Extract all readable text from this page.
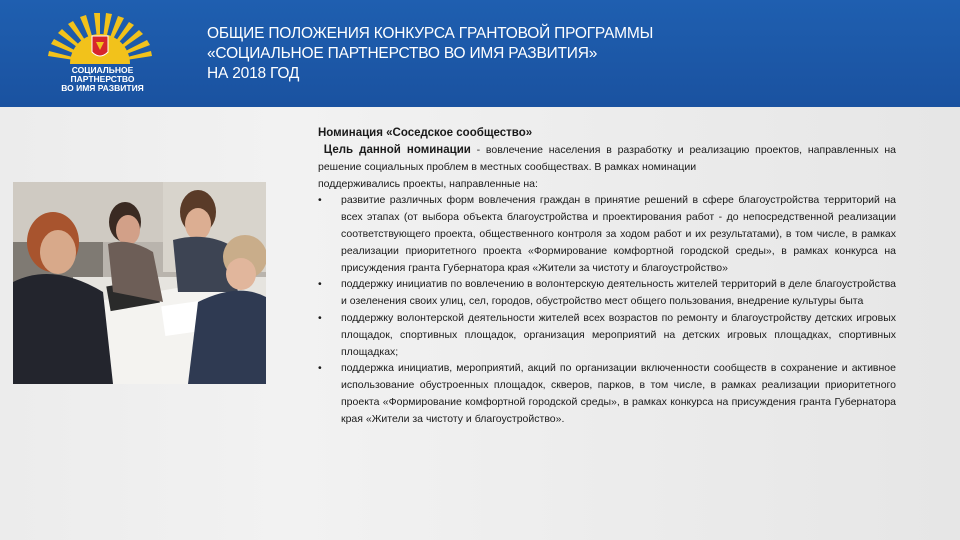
СОЦИАЛЬНОЕ
ПАРТНЕРСТВО
ВО ИМЯ РАЗВИТИЯ
ОБЩИЕ ПОЛОЖЕНИЯ КОНКУРСА ГРАНТОВОЙ ПРОГРАММЫ
«СОЦИАЛЬНОЕ ПАРТНЕРСТВО ВО ИМЯ РАЗВИТИЯ»
НА 2018 ГОД
Номинация «Соседское сообщество»
Цель данной номинации - вовлечение населения в разработку и реализацию проектов, направленных на решение социальных проблем в местных сообществах. В рамках номинации
поддерживались проекты, направленные на:
• развитие различных форм вовлечения граждан в принятие решений в сфере благоустройства территорий на всех этапах (от выбора объекта благоустройства и проектирования работ - до непосредственной реализации соответствующего проекта, общественного контроля за ходом работ и их результатами), в том числе, в рамках реализации приоритетного проекта «Формирование комфортной городской среды», в рамках конкурса на присуждения гранта Губернатора края «Жители за чистоту и благоустройство»
• поддержку инициатив по вовлечению в волонтерскую деятельность жителей территорий в деле благоустройства и озеленения своих улиц, сел, городов, обустройство мест общего пользования, внедрение культуры быта
• поддержку волонтерской деятельности жителей всех возрастов по ремонту и благоустройству детских игровых площадок, спортивных площадок, организация мероприятий на детских игровых площадках, спортивных площадках;
• поддержка инициатив, мероприятий, акций по организации включенности сообществ в сохранение и активное использование обустроенных площадок, скверов, парков, в том числе, в рамках реализации приоритетного проекта «Формирование комфортной городской среды», в рамках конкурса на присуждения гранта Губернатора края «Жители за чистоту и благоустройство».
